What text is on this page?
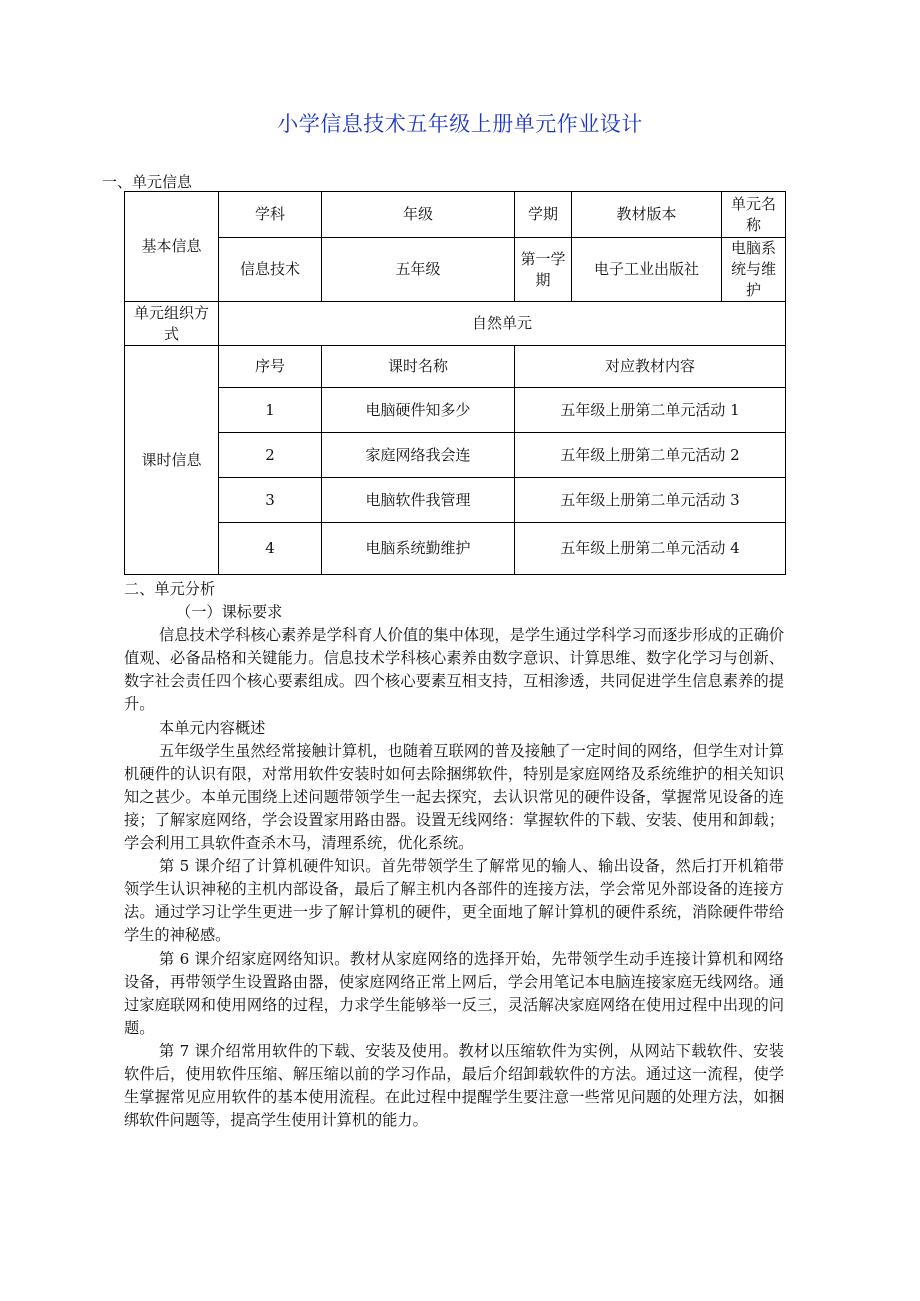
小学信息技术五年级上册单元作业设计
一、单元信息
基本信息	学科	年级	学期	教材版本	单元名称
	信息技术	五年级	第一学期	电子工业出版社	电脑系统与维护
单元组织方式	自然单元				
课时信息	序号	课时名称	对应教材内容		
	1	电脑硬件知多少	五年级上册第二单元活动 1		
	2	家庭网络我会连	五年级上册第二单元活动 2		
	3	电脑软件我管理	五年级上册第二单元活动 3		
	4	电脑系统勤维护	五年级上册第二单元活动 4		

二、单元分析

（一）课标要求

信息技术学科核心素养是学科育人价值的集中体现，是学生通过学科学习而逐步形成的正确价值观、必备品格和关键能力。信息技术学科核心素养由数字意识、计算思维、数字化学习与创新、数字社会责任四个核心要素组成。四个核心要素互相支持，互相渗透，共同促进学生信息素养的提升。

本单元内容概述

五年级学生虽然经常接触计算机，也随着互联网的普及接触了一定时间的网络，但学生对计算机硬件的认识有限，对常用软件安装时如何去除捆绑软件，特别是家庭网络及系统维护的相关知识知之甚少。本单元围绕上述问题带领学生一起去探究，去认识常见的硬件设备，掌握常见设备的连接；了解家庭网络，学会设置家用路由器。设置无线网络：掌握软件的下载、安装、使用和卸载；学会利用工具软件查杀木马，清理系统，优化系统。

第 5 课介绍了计算机硬件知识。首先带领学生了解常见的输人、输出设备，然后打开机箱带领学生认识神秘的主机内部设备，最后了解主机内各部件的连接方法，学会常见外部设备的连接方法。通过学习让学生更进一步了解计算机的硬件，更全面地了解计算机的硬件系统，消除硬件带给学生的神秘感。

第 6 课介绍家庭网络知识。教材从家庭网络的选择开始，先带领学生动手连接计算机和网络设备，再带领学生设置路由器，使家庭网络正常上网后，学会用笔记本电脑连接家庭无线网络。通过家庭联网和使用网络的过程，力求学生能够举一反三，灵活解决家庭网络在使用过程中出现的问题。

第 7 课介绍常用软件的下载、安装及使用。教材以压缩软件为实例，从网站下载软件、安装软件后，使用软件压缩、解压缩以前的学习作品，最后介绍卸载软件的方法。通过这一流程，使学生掌握常见应用软件的基本使用流程。在此过程中提醒学生要注意一些常见问题的处理方法，如捆绑软件问题等，提高学生使用计算机的能力。
